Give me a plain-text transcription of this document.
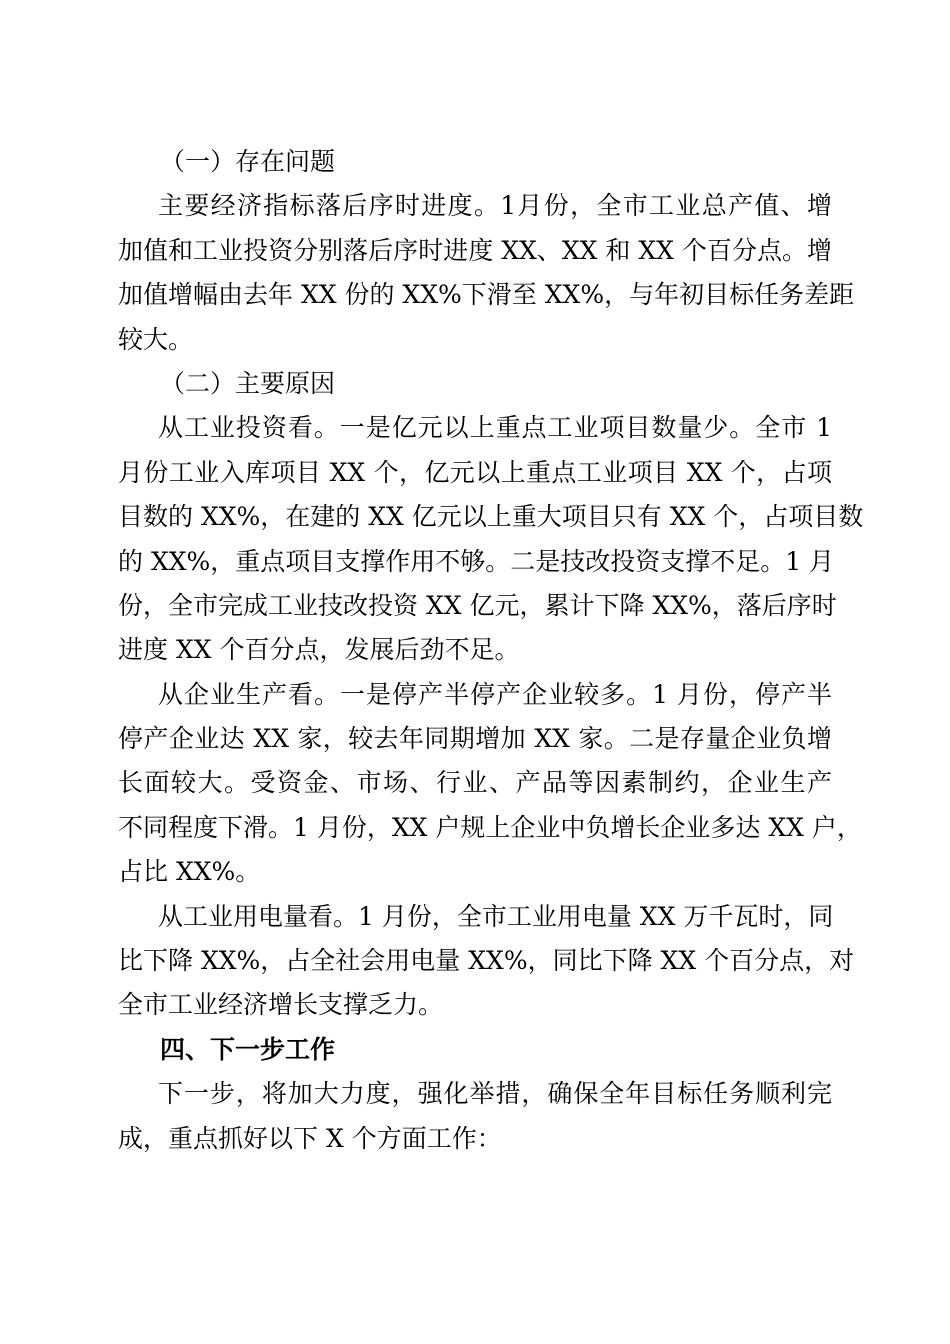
（一）存在问题
主要经济指标落后序时进度。1月份，全市工业总产值、增
加值和工业投资分别落后序时进度 XX、XX 和 XX 个百分点。增
加值增幅由去年 XX 份的 XX%下滑至 XX%，与年初目标任务差距
较大。
（二）主要原因
从工业投资看。一是亿元以上重点工业项目数量少。全市 1
月份工业入库项目 XX 个，亿元以上重点工业项目 XX 个，占项
目数的 XX%，在建的 XX 亿元以上重大项目只有 XX 个，占项目数
的 XX%，重点项目支撑作用不够。二是技改投资支撑不足。1 月
份，全市完成工业技改投资 XX 亿元，累计下降 XX%，落后序时
进度 XX 个百分点，发展后劲不足。
从企业生产看。一是停产半停产企业较多。1 月份，停产半
停产企业达 XX 家，较去年同期增加 XX 家。二是存量企业负增
长面较大。受资金、市场、行业、产品等因素制约，企业生产
不同程度下滑。1 月份，XX 户规上企业中负增长企业多达 XX 户，
占比 XX%。
从工业用电量看。1 月份，全市工业用电量 XX 万千瓦时，同
比下降 XX%，占全社会用电量 XX%，同比下降 XX 个百分点，对
全市工业经济增长支撑乏力。
四、下一步工作
下一步，将加大力度，强化举措，确保全年目标任务顺利完
成，重点抓好以下 X 个方面工作：
